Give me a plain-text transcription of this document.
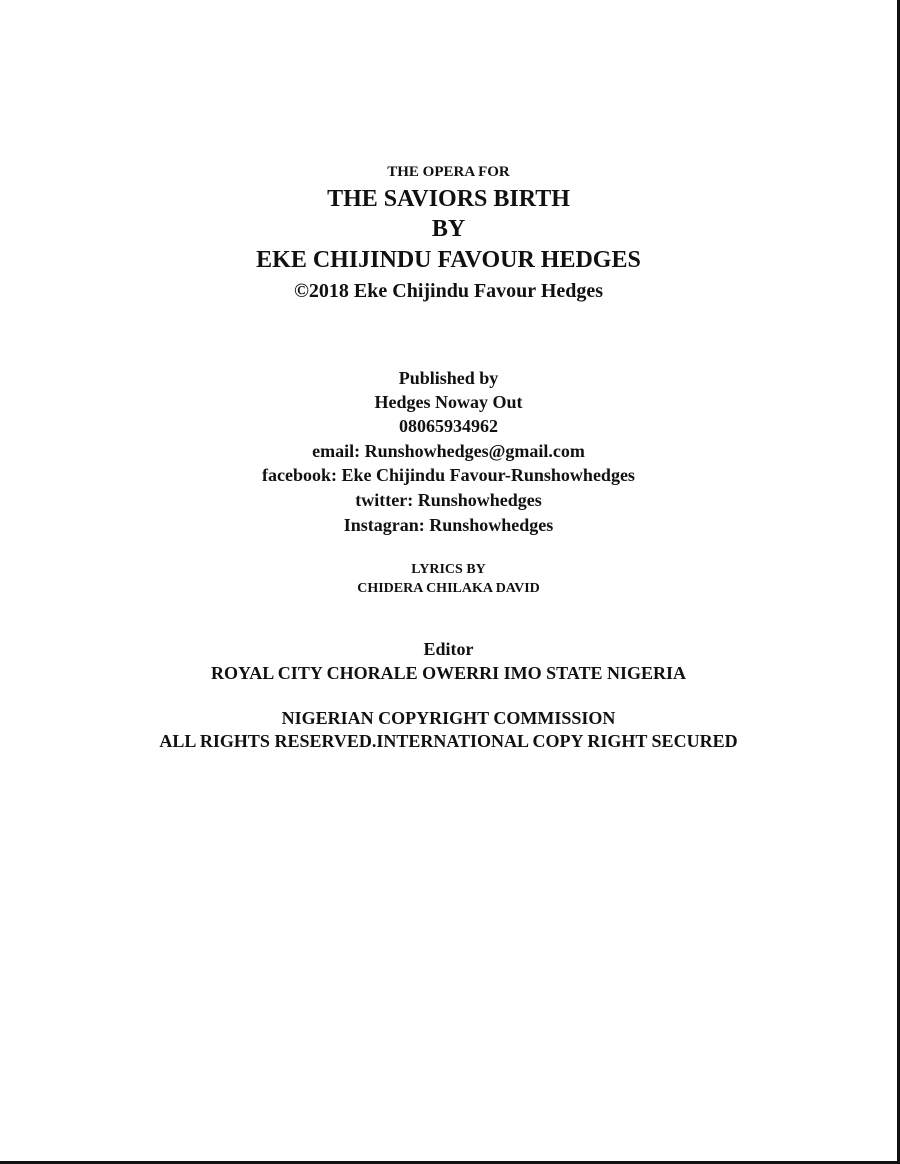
THE OPERA FOR
THE SAVIORS BIRTH
BY
EKE CHIJINDU FAVOUR HEDGES
©2018 Eke Chijindu Favour Hedges
Published by
Hedges Noway Out
08065934962
email: Runshowhedges@gmail.com
facebook: Eke Chijindu Favour-Runshowhedges
twitter: Runshowhedges
Instagran: Runshowhedges
LYRICS BY
CHIDERA CHILAKA DAVID
Editor
ROYAL CITY CHORALE OWERRI IMO STATE NIGERIA
NIGERIAN COPYRIGHT COMMISSION
ALL RIGHTS RESERVED.INTERNATIONAL COPY RIGHT SECURED
